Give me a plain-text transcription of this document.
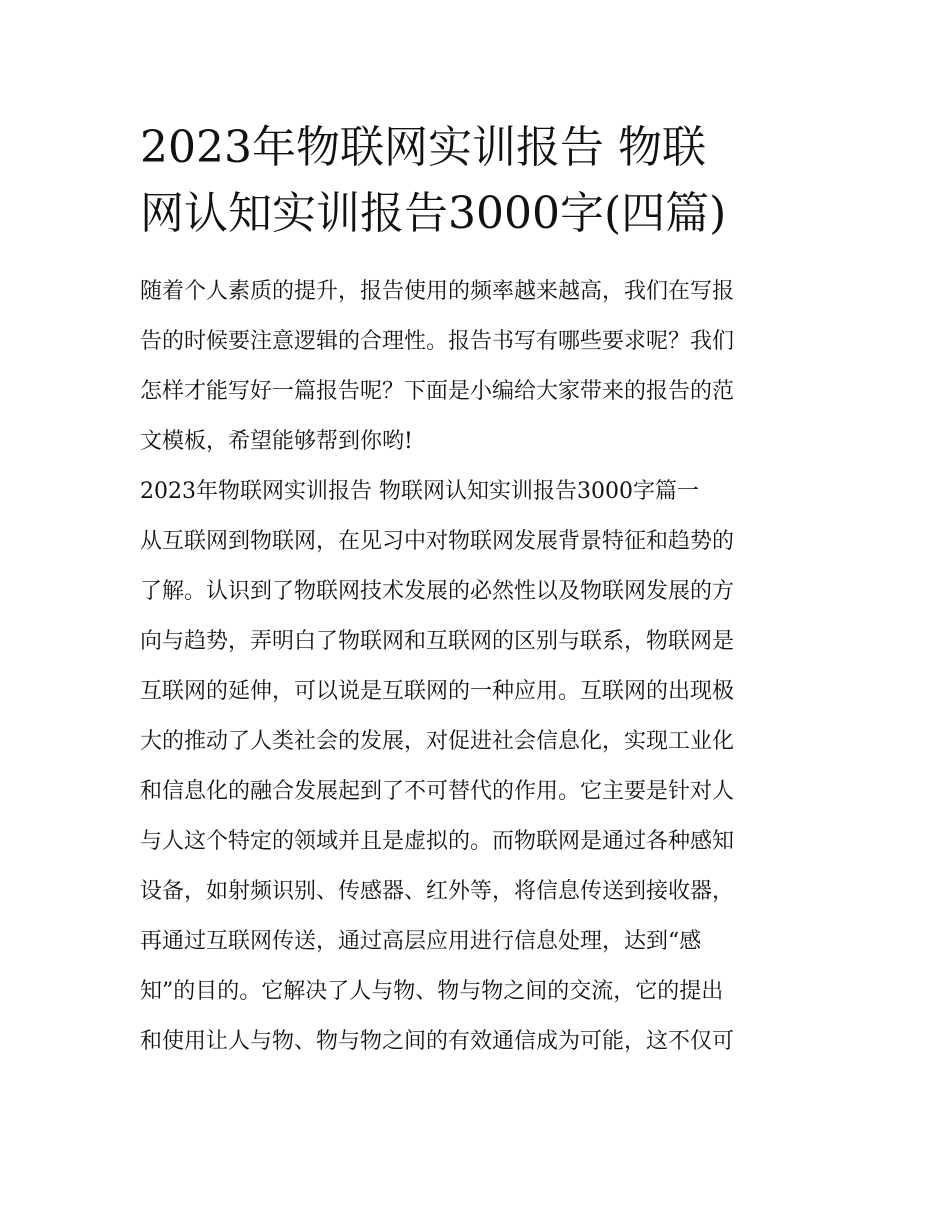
2023年物联网实训报告 物联
网认知实训报告3000字(四篇)
随着个人素质的提升，报告使用的频率越来越高，我们在写报
告的时候要注意逻辑的合理性。报告书写有哪些要求呢？我们
怎样才能写好一篇报告呢？下面是小编给大家带来的报告的范
文模板，希望能够帮到你哟!
2023年物联网实训报告 物联网认知实训报告3000字篇一
从互联网到物联网，在见习中对物联网发展背景特征和趋势的
了解。认识到了物联网技术发展的必然性以及物联网发展的方
向与趋势，弄明白了物联网和互联网的区别与联系，物联网是
互联网的延伸，可以说是互联网的一种应用。互联网的出现极
大的推动了人类社会的发展，对促进社会信息化，实现工业化
和信息化的融合发展起到了不可替代的作用。它主要是针对人
与人这个特定的领域并且是虚拟的。而物联网是通过各种感知
设备，如射频识别、传感器、红外等，将信息传送到接收器，
再通过互联网传送，通过高层应用进行信息处理，达到“感
知”的目的。它解决了人与物、物与物之间的交流，它的提出
和使用让人与物、物与物之间的有效通信成为可能，这不仅可
